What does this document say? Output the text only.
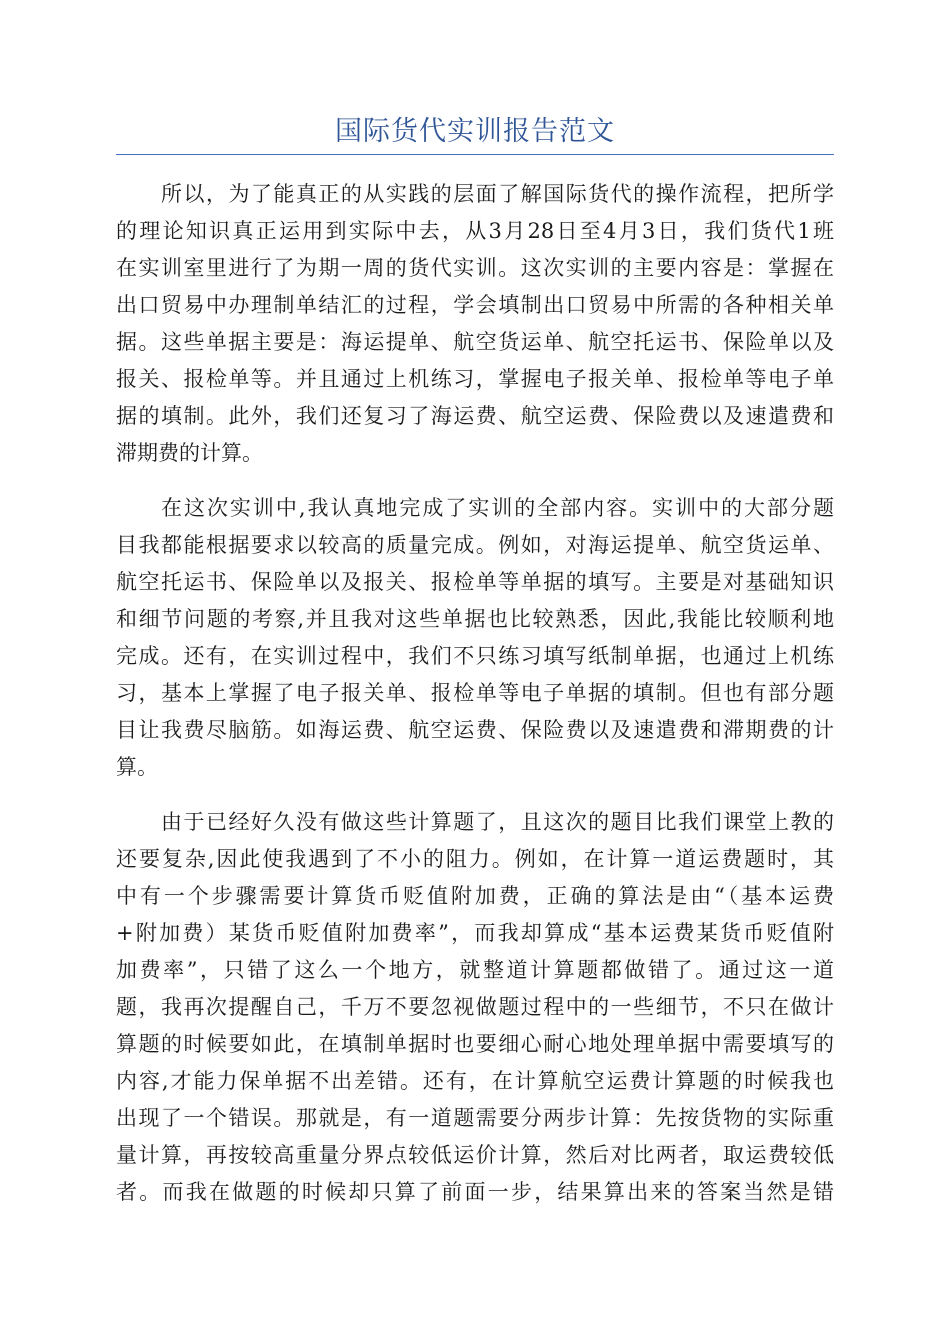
国际货代实训报告范文
所以，为了能真正的从实践的层面了解国际货代的操作流程，把所学
的理论知识真正运用到实际中去，从3月28日至4月3日，我们货代1班
在实训室里进行了为期一周的货代实训。这次实训的主要内容是：掌握在
出口贸易中办理制单结汇的过程，学会填制出口贸易中所需的各种相关单
据。这些单据主要是：海运提单、航空货运单、航空托运书、保险单以及
报关、报检单等。并且通过上机练习，掌握电子报关单、报检单等电子单
据的填制。此外，我们还复习了海运费、航空运费、保险费以及速遣费和
滞期费的计算。
在这次实训中,我认真地完成了实训的全部内容。实训中的大部分题
目我都能根据要求以较高的质量完成。例如，对海运提单、航空货运单、
航空托运书、保险单以及报关、报检单等单据的填写。主要是对基础知识
和细节问题的考察,并且我对这些单据也比较熟悉，因此,我能比较顺利地
完成。还有，在实训过程中，我们不只练习填写纸制单据，也通过上机练
习，基本上掌握了电子报关单、报检单等电子单据的填制。但也有部分题
目让我费尽脑筋。如海运费、航空运费、保险费以及速遣费和滞期费的计
算。
由于已经好久没有做这些计算题了，且这次的题目比我们课堂上教的
还要复杂,因此使我遇到了不小的阻力。例如，在计算一道运费题时，其
中有一个步骤需要计算货币贬值附加费，正确的算法是由“（基本运费
+附加费）某货币贬值附加费率”，而我却算成“基本运费某货币贬值附
加费率”，只错了这么一个地方，就整道计算题都做错了。通过这一道
题，我再次提醒自己，千万不要忽视做题过程中的一些细节，不只在做计
算题的时候要如此，在填制单据时也要细心耐心地处理单据中需要填写的
内容,才能力保单据不出差错。还有，在计算航空运费计算题的时候我也
出现了一个错误。那就是，有一道题需要分两步计算：先按货物的实际重
量计算，再按较高重量分界点较低运价计算，然后对比两者，取运费较低
者。而我在做题的时候却只算了前面一步，结果算出来的答案当然是错
